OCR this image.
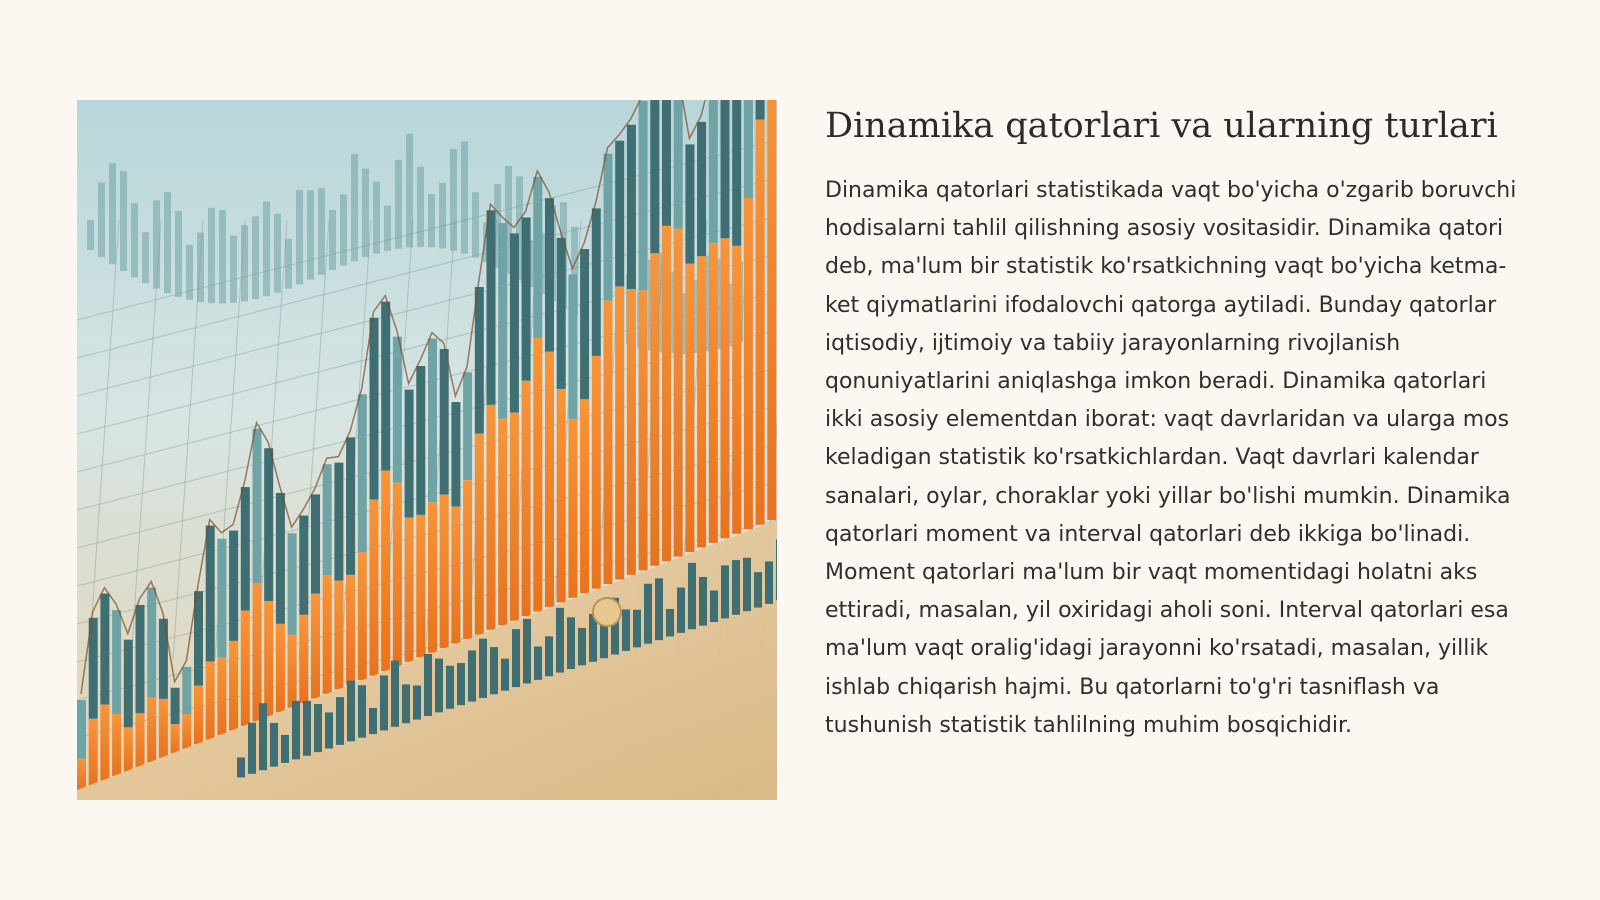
Dinamika qatorlari va ularning turlari
Dinamika qatorlari statistikada vaqt bo'yicha o'zgarib boruvchi
hodisalarni tahlil qilishning asosiy vositasidir. Dinamika qatori
deb, ma'lum bir statistik ko'rsatkichning vaqt bo'yicha ketma-
ket qiymatlarini ifodalovchi qatorga aytiladi. Bunday qatorlar
iqtisodiy, ijtimoiy va tabiiy jarayonlarning rivojlanish
qonuniyatlarini aniqlashga imkon beradi. Dinamika qatorlari
ikki asosiy elementdan iborat: vaqt davrlaridan va ularga mos
keladigan statistik ko'rsatkichlardan. Vaqt davrlari kalendar
sanalari, oylar, choraklar yoki yillar bo'lishi mumkin. Dinamika
qatorlari moment va interval qatorlari deb ikkiga bo'linadi.
Moment qatorlari ma'lum bir vaqt momentidagi holatni aks
ettiradi, masalan, yil oxiridagi aholi soni. Interval qatorlari esa
ma'lum vaqt oralig'idagi jarayonni ko'rsatadi, masalan, yillik
ishlab chiqarish hajmi. Bu qatorlarni to'g'ri tasniflash va
tushunish statistik tahlilning muhim bosqichidir.
